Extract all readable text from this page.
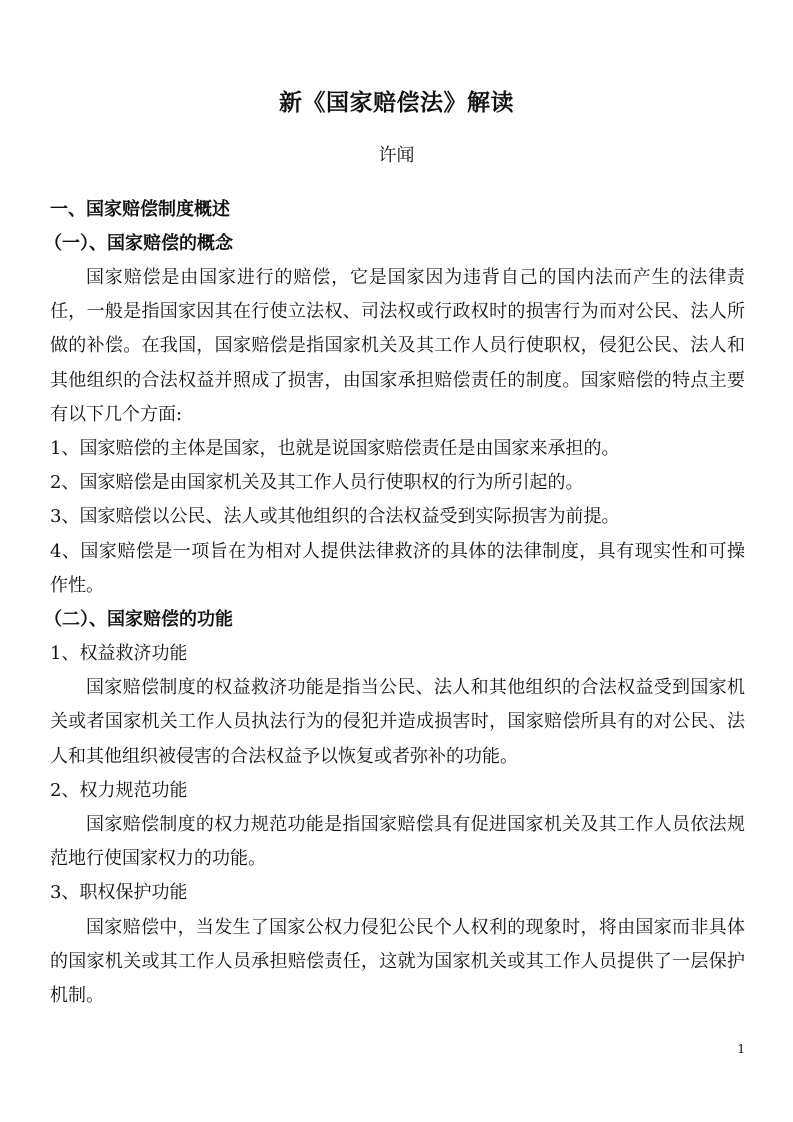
新《国家赔偿法》解读
许闻
一、国家赔偿制度概述
（一）、国家赔偿的概念

国家赔偿是由国家进行的赔偿，它是国家因为违背自己的国内法而产生的法律责任，一般是指国家因其在行使立法权、司法权或行政权时的损害行为而对公民、法人所做的补偿。在我国，国家赔偿是指国家机关及其工作人员行使职权，侵犯公民、法人和其他组织的合法权益并照成了损害，由国家承担赔偿责任的制度。国家赔偿的特点主要有以下几个方面:

1、国家赔偿的主体是国家，也就是说国家赔偿责任是由国家来承担的。

2、国家赔偿是由国家机关及其工作人员行使职权的行为所引起的。

3、国家赔偿以公民、法人或其他组织的合法权益受到实际损害为前提。

4、国家赔偿是一项旨在为相对人提供法律救济的具体的法律制度，具有现实性和可操作性。

（二）、国家赔偿的功能

1、权益救济功能

国家赔偿制度的权益救济功能是指当公民、法人和其他组织的合法权益受到国家机关或者国家机关工作人员执法行为的侵犯并造成损害时，国家赔偿所具有的对公民、法人和其他组织被侵害的合法权益予以恢复或者弥补的功能。

2、权力规范功能

国家赔偿制度的权力规范功能是指国家赔偿具有促进国家机关及其工作人员依法规范地行使国家权力的功能。

3、职权保护功能

国家赔偿中，当发生了国家公权力侵犯公民个人权利的现象时，将由国家而非具体的国家机关或其工作人员承担赔偿责任，这就为国家机关或其工作人员提供了一层保护机制。

1
